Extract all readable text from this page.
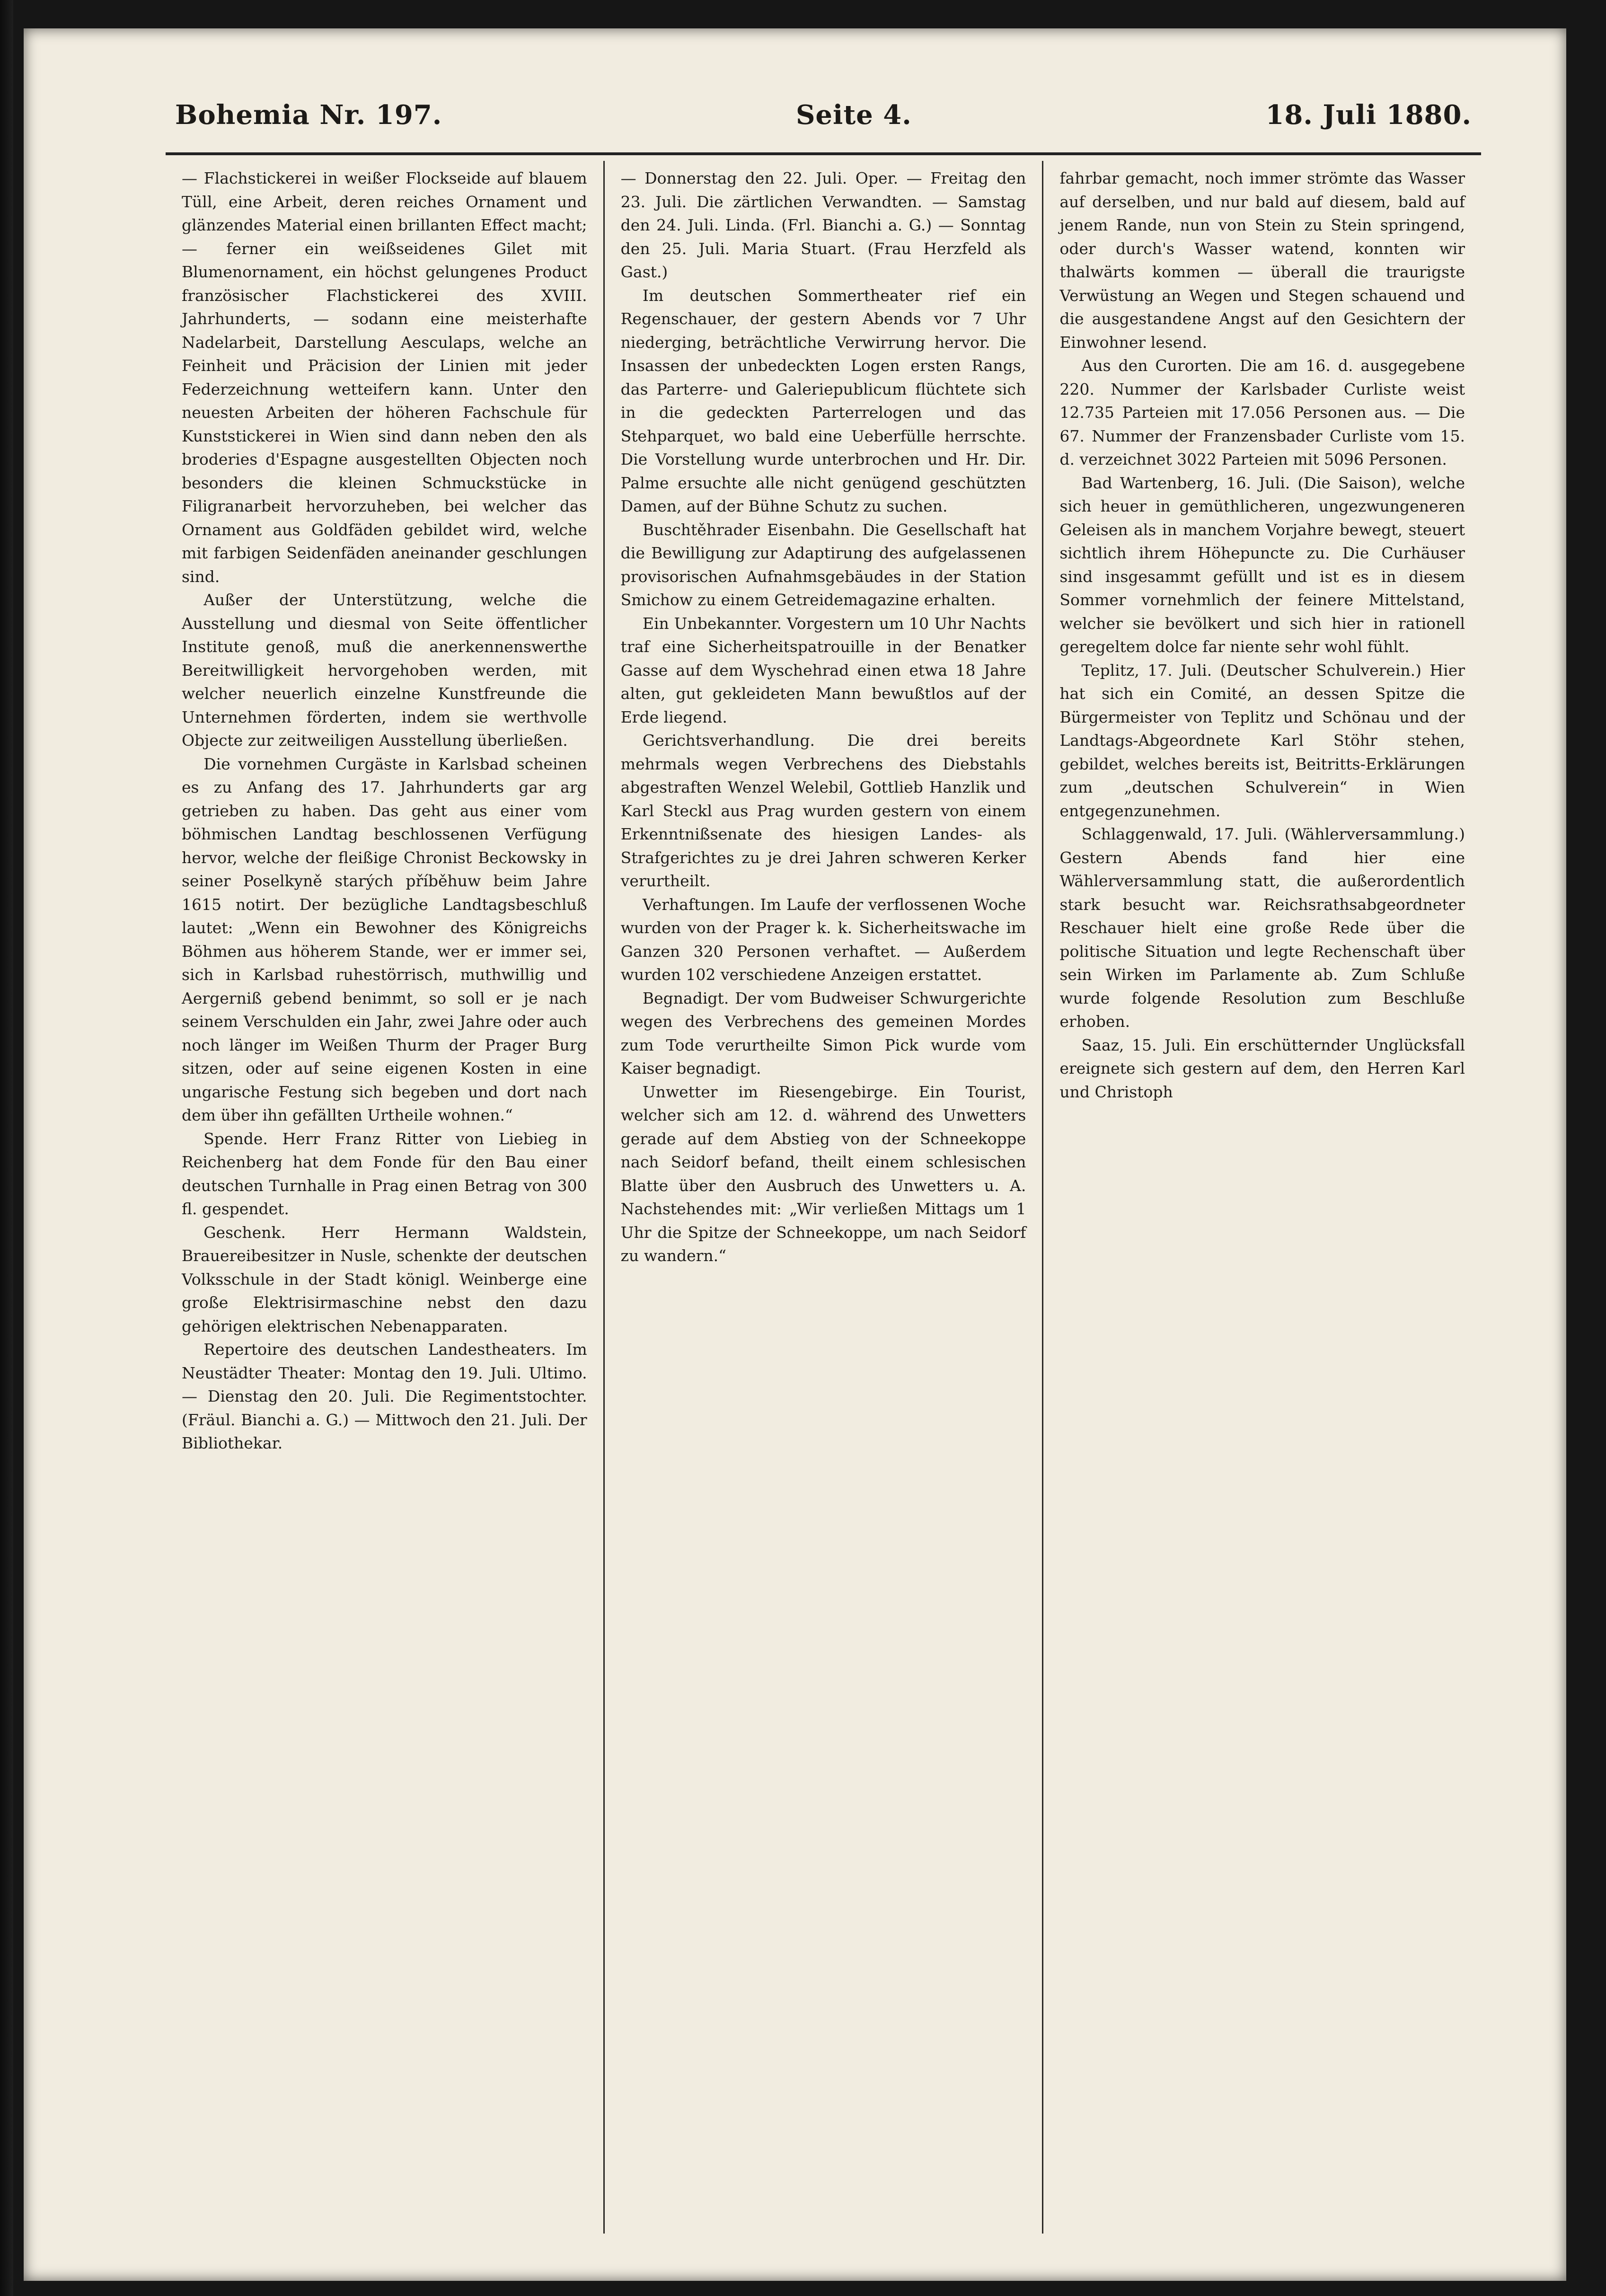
Bohemia Nr. 197.	Seite 4.	18. Juli 1880.

— Flachstickerei in weißer Flockseide auf blauem Tüll, eine Arbeit, deren reiches Ornament und glänzendes Material einen brillanten Effect macht; — ferner ein weißseidenes Gilet mit Blumenornament, ein höchst gelungenes Product französischer Flachstickerei des XVIII. Jahrhunderts, — sodann eine meisterhafte Nadelarbeit, Darstellung Aesculaps, welche an Feinheit und Präcision der Linien mit jeder Federzeichnung wetteifern kann. Unter den neuesten Arbeiten der höheren Fachschule für Kunststickerei in Wien sind dann neben den als broderies d'Espagne ausgestellten Objecten noch besonders die kleinen Schmuckstücke in Filigranarbeit hervorzuheben, bei welcher das Ornament aus Goldfäden gebildet wird, welche mit farbigen Seidenfäden aneinander geschlungen sind.

Außer der Unterstützung, welche die Ausstellung und diesmal von Seite öffentlicher Institute genoß, muß die anerkennenswerthe Bereitwilligkeit hervorgehoben werden, mit welcher neuerlich einzelne Kunstfreunde die Unternehmen förderten, indem sie werthvolle Objecte zur zeitweiligen Ausstellung überließen.

Die vornehmen Curgäste in Karlsbad scheinen es zu Anfang des 17. Jahrhunderts gar arg getrieben zu haben. Das geht aus einer vom böhmischen Landtag beschlossenen Verfügung hervor, welche der fleißige Chronist Beckowsky in seiner Poselkyně starých příběhuw beim Jahre 1615 notirt. Der bezügliche Landtagsbeschluß lautet: „Wenn ein Bewohner des Königreichs Böhmen aus höherem Stande, wer er immer sei, sich in Karlsbad ruhestörrisch, muthwillig und Aergerniß gebend benimmt, so soll er je nach seinem Verschulden ein Jahr, zwei Jahre oder auch noch länger im Weißen Thurm der Prager Burg sitzen, oder auf seine eigenen Kosten in eine ungarische Festung sich begeben und dort nach dem über ihn gefällten Urtheile wohnen.“

Spende. Herr Franz Ritter von Liebieg in Reichenberg hat dem Fonde für den Bau einer deutschen Turnhalle in Prag einen Betrag von 300 fl. gespendet.

Geschenk. Herr Hermann Waldstein, Brauereibesitzer in Nusle, schenkte der deutschen Volksschule in der Stadt königl. Weinberge eine große Elektrisirmaschine nebst den dazu gehörigen elektrischen Nebenapparaten.

Repertoire des deutschen Landestheaters. Im Neustädter Theater: Montag den 19. Juli. Ultimo. — Dienstag den 20. Juli. Die Regimentstochter. (Fräul. Bianchi a. G.) — Mittwoch den 21. Juli. Der Bibliothekar.

— Donnerstag den 22. Juli. Oper. — Freitag den 23. Juli. Die zärtlichen Verwandten. — Samstag den 24. Juli. Linda. (Frl. Bianchi a. G.) — Sonntag den 25. Juli. Maria Stuart. (Frau Herzfeld als Gast.)

Im deutschen Sommertheater rief ein Regenschauer, der gestern Abends vor 7 Uhr niederging, beträchtliche Verwirrung hervor. Die Insassen der unbedeckten Logen ersten Rangs, das Parterre- und Galeriepublicum flüchtete sich in die gedeckten Parterrelogen und das Stehparquet, wo bald eine Ueberfülle herrschte. Die Vorstellung wurde unterbrochen und Hr. Dir. Palme ersuchte alle nicht genügend geschützten Damen, auf der Bühne Schutz zu suchen.

Buschtěhrader Eisenbahn. Die Gesellschaft hat die Bewilligung zur Adaptirung des aufgelassenen provisorischen Aufnahmsgebäudes in der Station Smichow zu einem Getreidemagazine erhalten.

Ein Unbekannter. Vorgestern um 10 Uhr Nachts traf eine Sicherheitspatrouille in der Benatker Gasse auf dem Wyschehrad einen etwa 18 Jahre alten, gut gekleideten Mann bewußtlos auf der Erde liegend.

Gerichtsverhandlung. Die drei bereits mehrmals wegen Verbrechens des Diebstahls abgestraften Wenzel Welebil, Gottlieb Hanzlik und Karl Steckl aus Prag wurden gestern von einem Erkenntnißsenate des hiesigen Landes- als Strafgerichtes zu je drei Jahren schweren Kerker verurtheilt.

Verhaftungen. Im Laufe der verflossenen Woche wurden von der Prager k. k. Sicherheitswache im Ganzen 320 Personen verhaftet. — Außerdem wurden 102 verschiedene Anzeigen erstattet.

Begnadigt. Der vom Budweiser Schwurgerichte wegen des Verbrechens des gemeinen Mordes zum Tode verurtheilte Simon Pick wurde vom Kaiser begnadigt.

Unwetter im Riesengebirge. Ein Tourist, welcher sich am 12. d. während des Unwetters gerade auf dem Abstieg von der Schneekoppe nach Seidorf befand, theilt einem schlesischen Blatte über den Ausbruch des Unwetters u. A. Nachstehendes mit: „Wir verließen Mittags um 1 Uhr die Spitze der Schneekoppe, um nach Seidorf zu wandern.“

fahrbar gemacht, noch immer strömte das Wasser auf derselben, und nur bald auf diesem, bald auf jenem Rande, nun von Stein zu Stein springend, oder durch's Wasser watend, konnten wir thalwärts kommen — überall die traurigste Verwüstung an Wegen und Stegen schauend und die ausgestandene Angst auf den Gesichtern der Einwohner lesend.

Aus den Curorten. Die am 16. d. ausgegebene 220. Nummer der Karlsbader Curliste weist 12.735 Parteien mit 17.056 Personen aus. — Die 67. Nummer der Franzensbader Curliste vom 15. d. verzeichnet 3022 Parteien mit 5096 Personen.

Bad Wartenberg, 16. Juli. (Die Saison), welche sich heuer in gemüthlicheren, ungezwungeneren Geleisen als in manchem Vorjahre bewegt, steuert sichtlich ihrem Höhepuncte zu. Die Curhäuser sind insgesammt gefüllt und ist es in diesem Sommer vornehmlich der feinere Mittelstand, welcher sie bevölkert und sich hier in rationell geregeltem dolce far niente sehr wohl fühlt.

Teplitz, 17. Juli. (Deutscher Schulverein.) Hier hat sich ein Comité, an dessen Spitze die Bürgermeister von Teplitz und Schönau und der Landtags-Abgeordnete Karl Stöhr stehen, gebildet, welches bereits ist, Beitritts-Erklärungen zum „deutschen Schulverein“ in Wien entgegenzunehmen.

Schlaggenwald, 17. Juli. (Wählerversammlung.) Gestern Abends fand hier eine Wählerversammlung statt, die außerordentlich stark besucht war. Reichsrathsabgeordneter Reschauer hielt eine große Rede über die politische Situation und legte Rechenschaft über sein Wirken im Parlamente ab. Zum Schluße wurde folgende Resolution zum Beschluße erhoben.

Saaz, 15. Juli. Ein erschütternder Unglücksfall ereignete sich gestern auf dem, den Herren Karl und Christoph
